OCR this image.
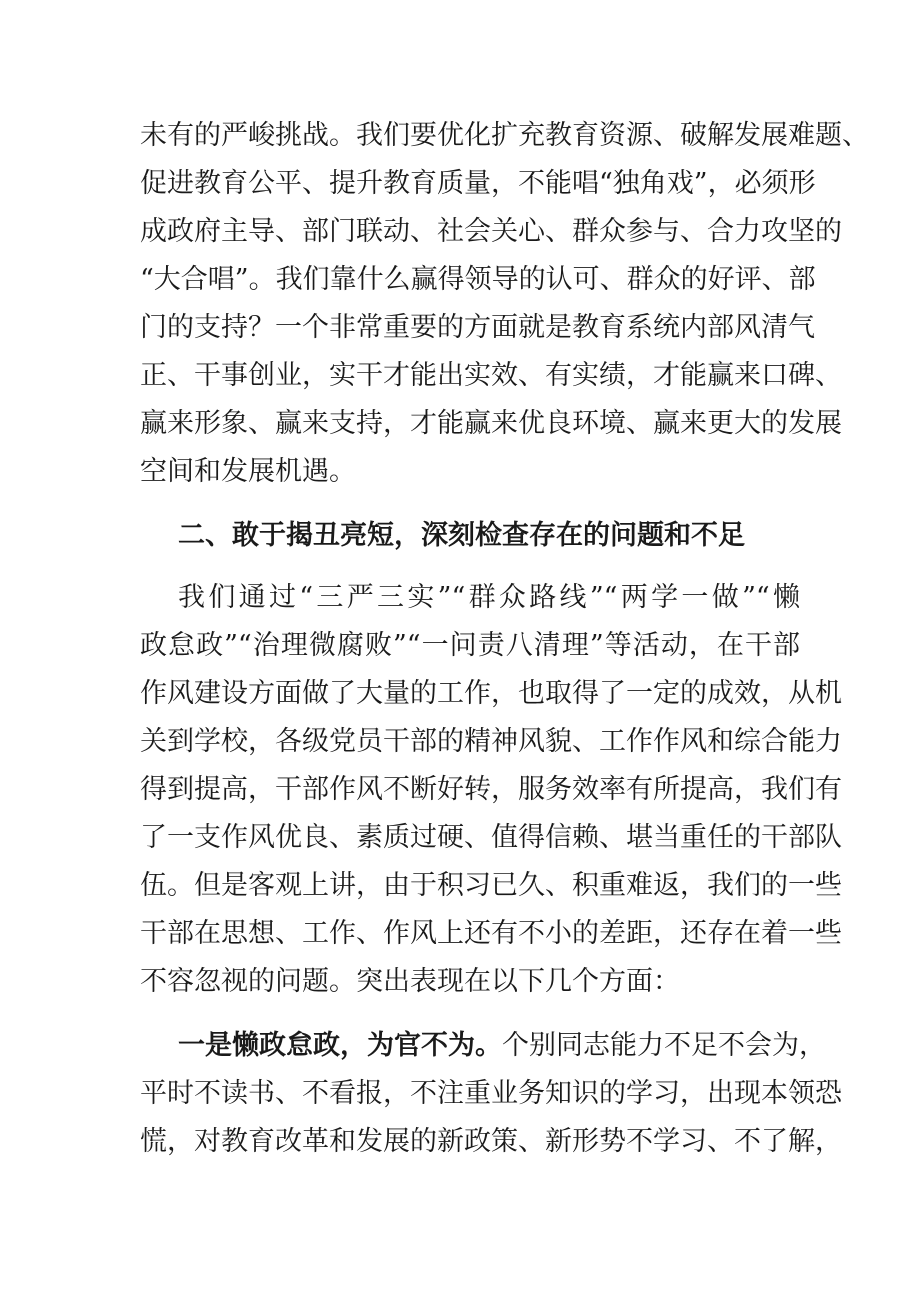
未有的严峻挑战。我们要优化扩充教育资源、破解发展难题、
促进教育公平、提升教育质量，不能唱“独角戏”，必须形
成政府主导、部门联动、社会关心、群众参与、合力攻坚的
“大合唱”。我们靠什么赢得领导的认可、群众的好评、部
门的支持？一个非常重要的方面就是教育系统内部风清气
正、干事创业，实干才能出实效、有实绩，才能赢来口碑、
赢来形象、赢来支持，才能赢来优良环境、赢来更大的发展
空间和发展机遇。
二、敢于揭丑亮短，深刻检查存在的问题和不足
我们通过“三严三实”“群众路线”“两学一做”“懒
政怠政”“治理微腐败”“一问责八清理”等活动，在干部
作风建设方面做了大量的工作，也取得了一定的成效，从机
关到学校，各级党员干部的精神风貌、工作作风和综合能力
得到提高，干部作风不断好转，服务效率有所提高，我们有
了一支作风优良、素质过硬、值得信赖、堪当重任的干部队
伍。但是客观上讲，由于积习已久、积重难返，我们的一些
干部在思想、工作、作风上还有不小的差距，还存在着一些
不容忽视的问题。突出表现在以下几个方面：
一是懒政怠政，为官不为。个别同志能力不足不会为，
平时不读书、不看报，不注重业务知识的学习，出现本领恐
慌，对教育改革和发展的新政策、新形势不学习、不了解，
